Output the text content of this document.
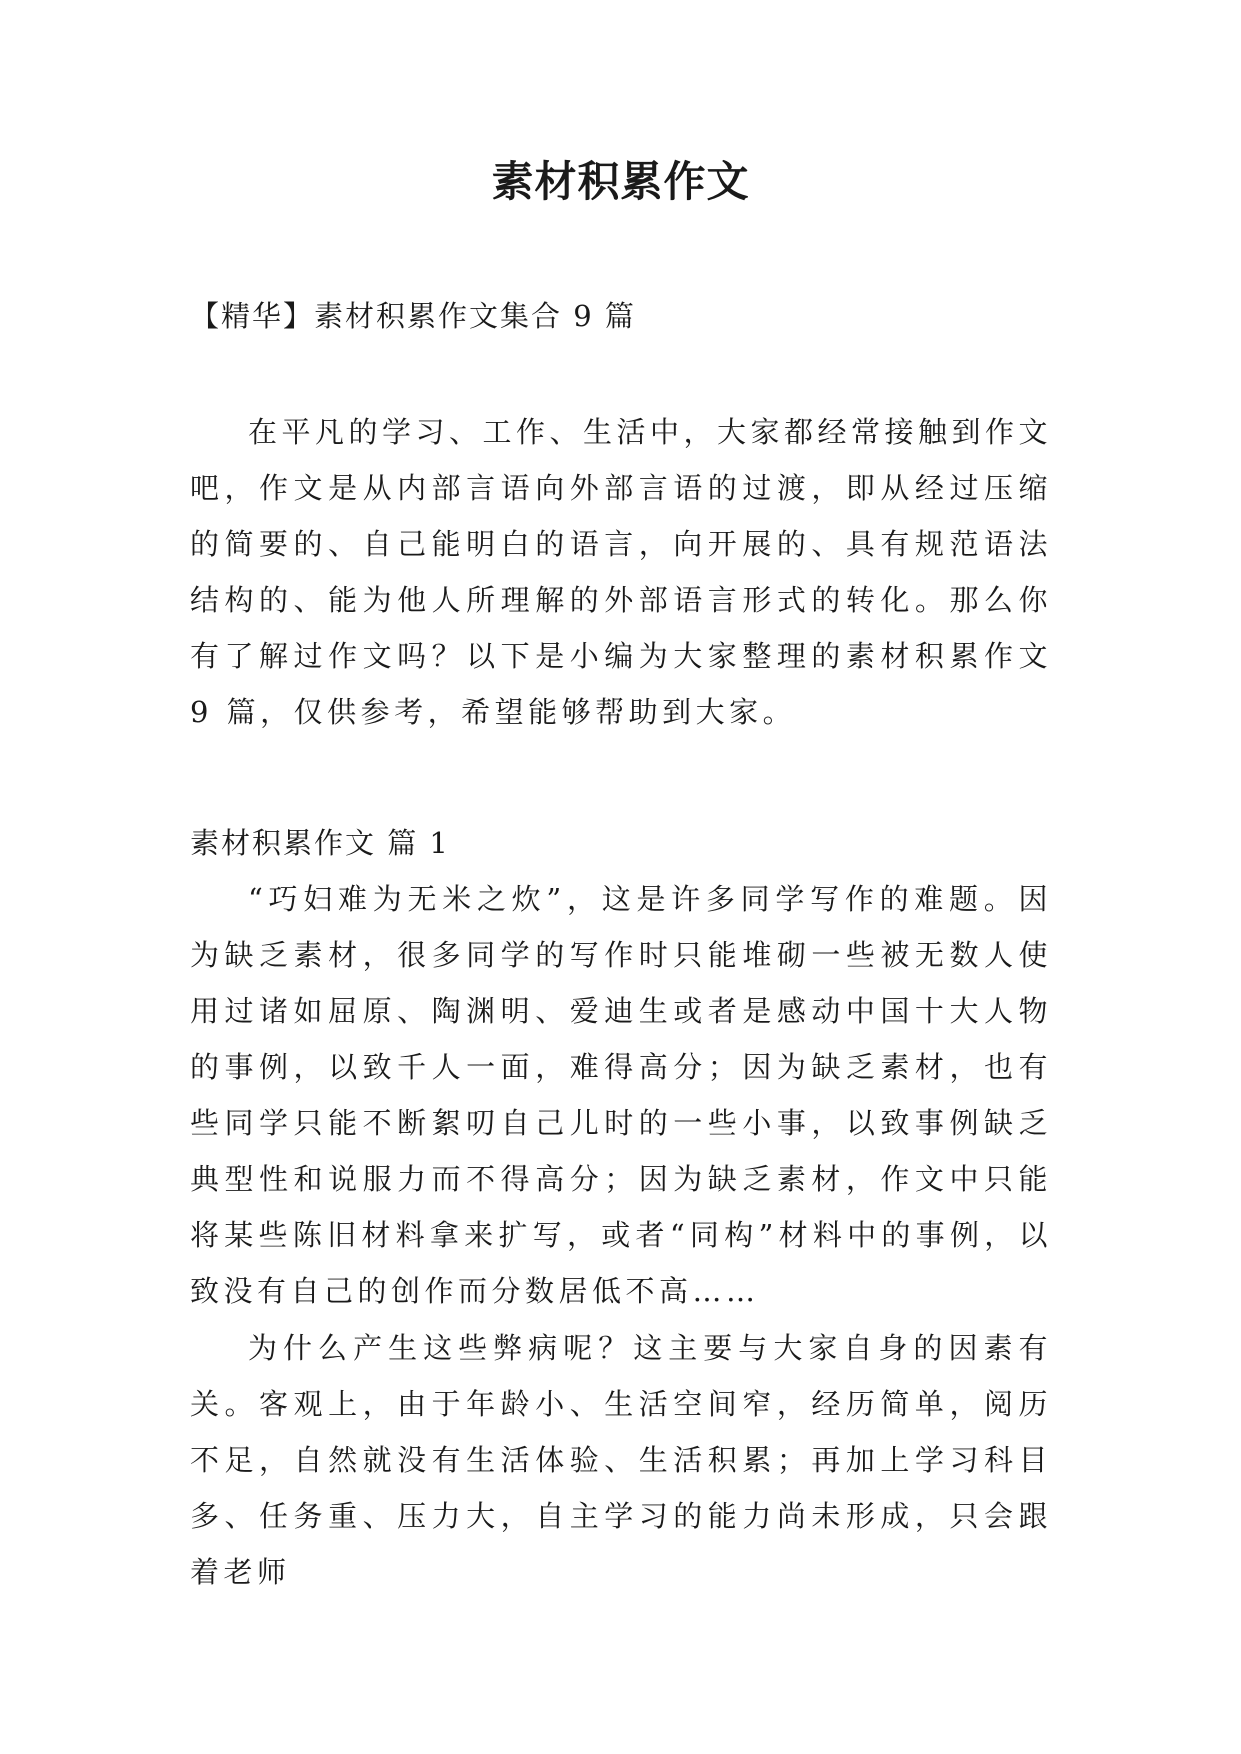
素材积累作文
【精华】素材积累作文集合 9 篇

在平凡的学习、工作、生活中，大家都经常接触到作文吧，作文是从内部言语向外部言语的过渡，即从经过压缩的简要的、自己能明白的语言，向开展的、具有规范语法结构的、能为他人所理解的外部语言形式的转化。那么你有了解过作文吗？以下是小编为大家整理的素材积累作文 9 篇，仅供参考，希望能够帮助到大家。

素材积累作文 篇 1

“巧妇难为无米之炊”，这是许多同学写作的难题。因为缺乏素材，很多同学的写作时只能堆砌一些被无数人使用过诸如屈原、陶渊明、爱迪生或者是感动中国十大人物的事例，以致千人一面，难得高分；因为缺乏素材，也有些同学只能不断絮叨自己儿时的一些小事，以致事例缺乏典型性和说服力而不得高分；因为缺乏素材，作文中只能将某些陈旧材料拿来扩写，或者“同构”材料中的事例，以致没有自己的创作而分数居低不高……

为什么产生这些弊病呢？这主要与大家自身的因素有关。客观上，由于年龄小、生活空间窄，经历简单，阅历不足，自然就没有生活体验、生活积累；再加上学习科目多、任务重、压力大，自主学习的能力尚未形成，只会跟着老师
